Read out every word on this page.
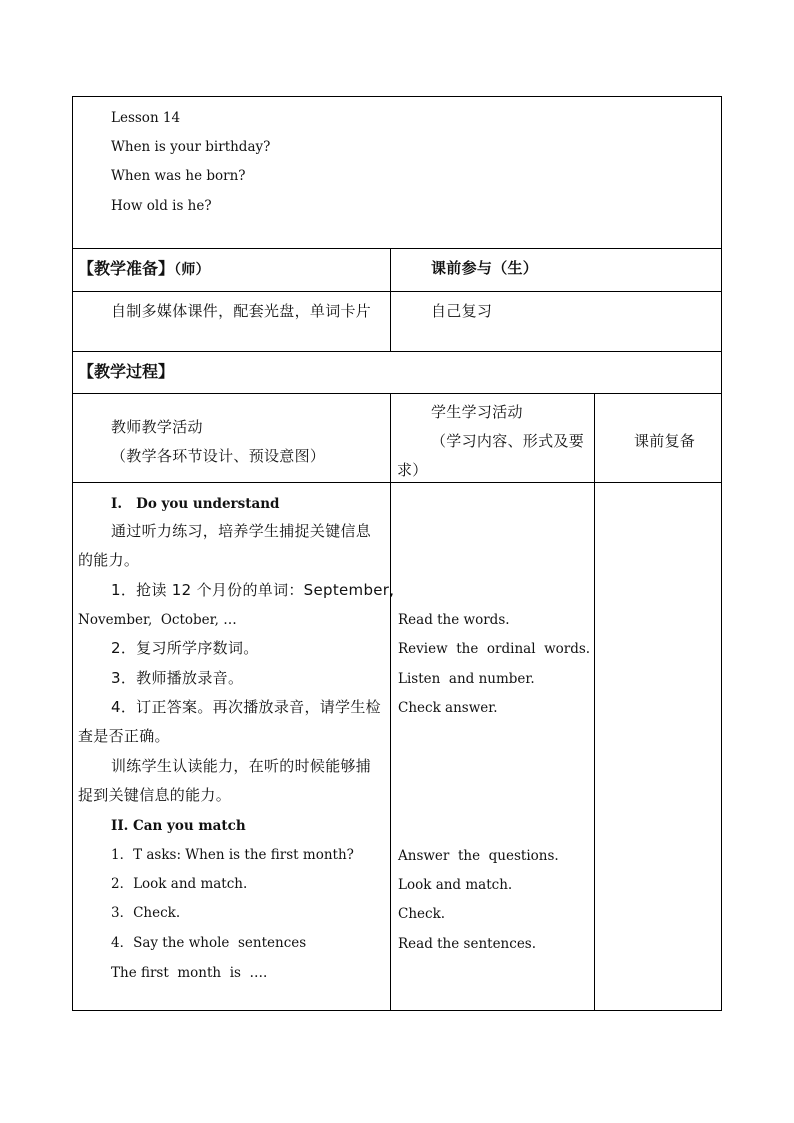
Lesson 14
When is your birthday?
When was he born?
How old is he?
【教学准备】（师）	课前参与（生）
自制多媒体课件，配套光盘，单词卡片	自己复习
【教学过程】
教师教学活动
（教学各环节设计、预设意图）
学生学习活动
（学习内容、形式及要
求）
课前复备
I.   Do you understand
通过听力练习，培养学生捕捉关键信息
的能力。
1．抢读 12 个月份的单词：September,
November,  October, …
2．复习所学序数词。
3．教师播放录音。
4．订正答案。再次播放录音，请学生检
查是否正确。
训练学生认读能力，在听的时候能够捕
捉到关键信息的能力。
Read the words.
Review  the  ordinal  words.
Listen  and number.
Check answer.
II. Can you match
1．T asks: When is the first month?
2．Look and match.
3．Check.
4．Say the whole  sentences
The first  month  is  ….
Answer  the  questions.
Look and match.
Check.
Read the sentences.
